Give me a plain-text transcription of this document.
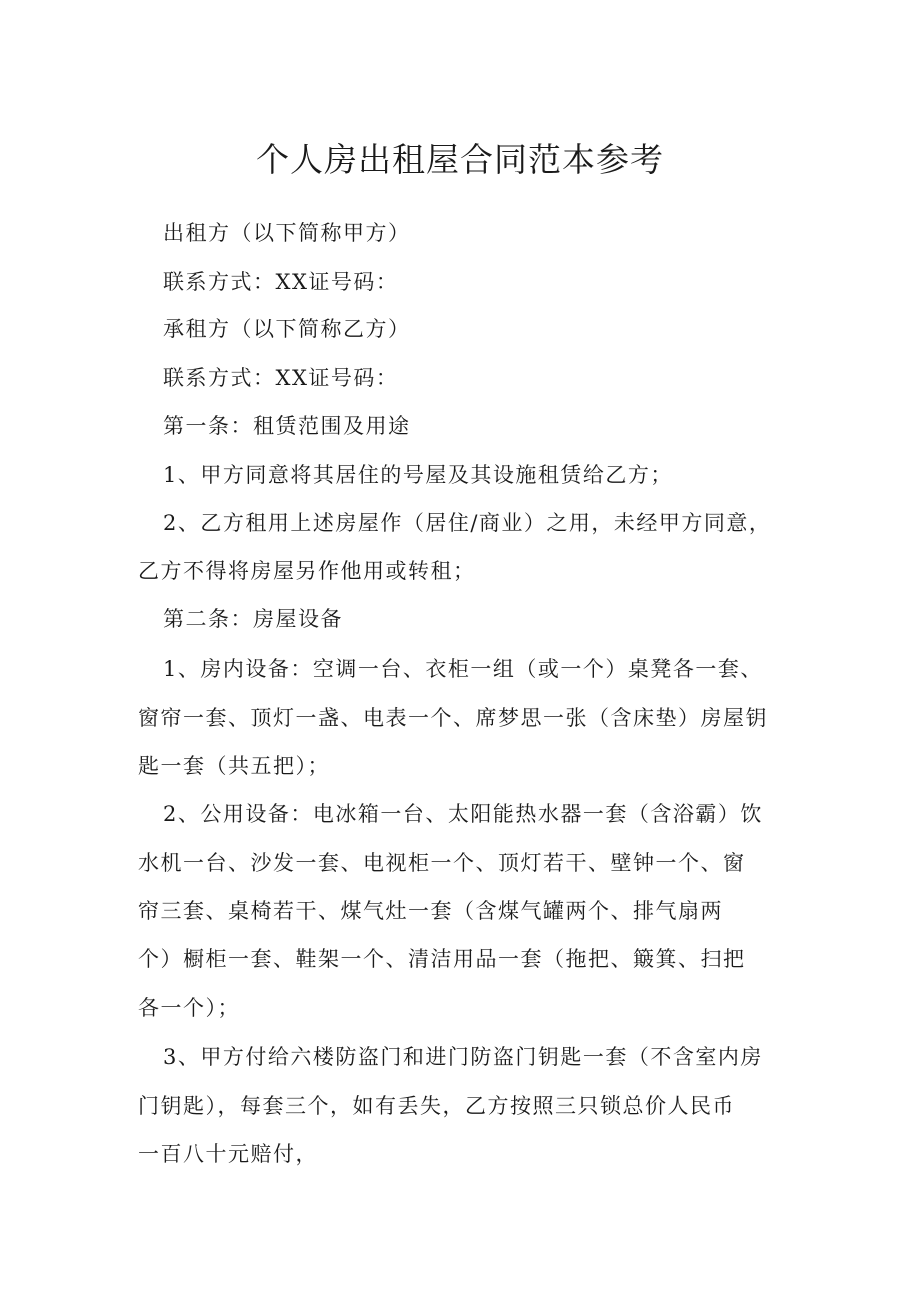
个人房出租屋合同范本参考

出租方（以下简称甲方）

联系方式：XX证号码：

承租方（以下简称乙方）

联系方式：XX证号码：

第一条：租赁范围及用途

1、甲方同意将其居住的号屋及其设施租赁给乙方；

2、乙方租用上述房屋作（居住/商业）之用，未经甲方同意，

乙方不得将房屋另作他用或转租；

第二条：房屋设备

1、房内设备：空调一台、衣柜一组（或一个）桌凳各一套、

窗帘一套、顶灯一盏、电表一个、席梦思一张（含床垫）房屋钥

匙一套（共五把）；

2、公用设备：电冰箱一台、太阳能热水器一套（含浴霸）饮

水机一台、沙发一套、电视柜一个、顶灯若干、壁钟一个、窗

帘三套、桌椅若干、煤气灶一套（含煤气罐两个、排气扇两

个）橱柜一套、鞋架一个、清洁用品一套（拖把、簸箕、扫把

各一个）；

3、甲方付给六楼防盗门和进门防盗门钥匙一套（不含室内房

门钥匙），每套三个，如有丢失，乙方按照三只锁总价人民币

一百八十元赔付，
